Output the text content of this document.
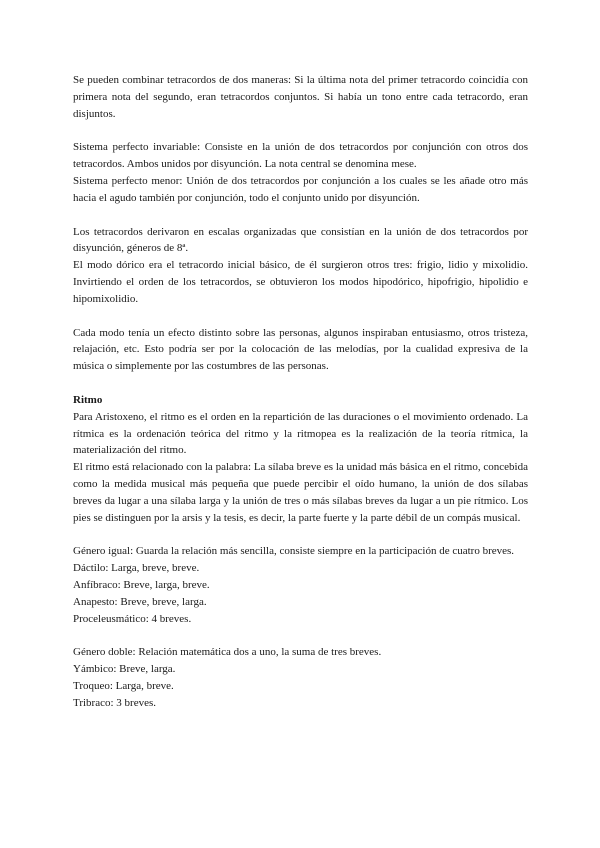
Se pueden combinar tetracordos de dos maneras: Si la última nota del primer tetracordo coincidía con primera nota del segundo, eran tetracordos conjuntos. Si había un tono entre cada tetracordo, eran disjuntos.

Sistema perfecto invariable: Consiste en la unión de dos tetracordos por conjunción con otros dos tetracordos. Ambos unidos por disyunción. La nota central se denomina mese.

Sistema perfecto menor: Unión de dos tetracordos por conjunción a los cuales se les añade otro más hacia el agudo también por conjunción, todo el conjunto unido por disyunción.

Los tetracordos derivaron en escalas organizadas que consistían en la unión de dos tetracordos por disyunción, géneros de 8ª.

El modo dórico era el tetracordo inicial básico, de él surgieron otros tres: frigio, lidio y mixolidio. Invirtiendo el orden de los tetracordos, se obtuvieron los modos hipodórico, hipofrigio, hipolidio e hipomixolidio.

Cada modo tenía un efecto distinto sobre las personas, algunos inspiraban entusiasmo, otros tristeza, relajación, etc. Esto podría ser por la colocación de las melodías, por la cualidad expresiva de la música o simplemente por las costumbres de las personas.

Ritmo

Para Aristoxeno, el ritmo es el orden en la repartición de las duraciones o el movimiento ordenado. La rítmica es la ordenación teórica del ritmo y la ritmopea es la realización de la teoría rítmica, la materialización del ritmo.

El ritmo está relacionado con la palabra: La sílaba breve es la unidad más básica en el ritmo, concebida como la medida musical más pequeña que puede percibir el oído humano, la unión de dos sílabas breves da lugar a una sílaba larga y la unión de tres o más sílabas breves da lugar a un pie rítmico. Los pies se distinguen por la arsis y la tesis, es decir, la parte fuerte y la parte débil de un compás musical.

Género igual: Guarda la relación más sencilla, consiste siempre en la participación de cuatro breves.

Dáctilo: Larga, breve, breve.

Anfíbraco: Breve, larga, breve.

Anapesto: Breve, breve, larga.

Proceleusmático: 4 breves.

Género doble: Relación matemática dos a uno, la suma de tres breves.

Yámbico: Breve, larga.

Troqueo: Larga, breve.

Tribraco: 3 breves.
